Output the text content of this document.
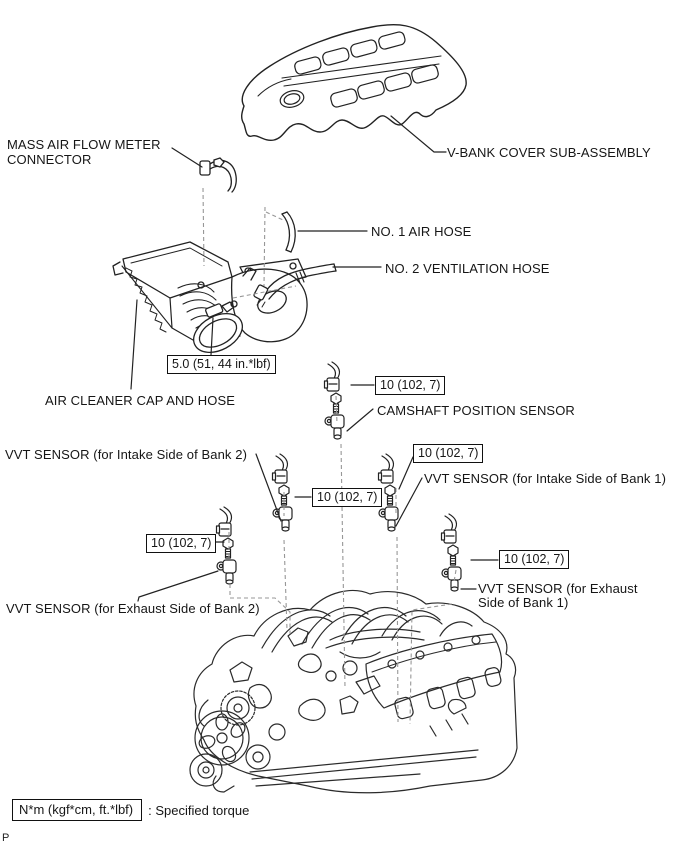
MASS AIR FLOW METER CONNECTOR	V-BANK COVER SUB-ASSEMBLY
NO. 1 AIR HOSE
NO. 2 VENTILATION HOSE
AIR CLEANER CAP AND HOSE
CAMSHAFT POSITION SENSOR
VVT SENSOR (for Intake Side of Bank 2)
VVT SENSOR (for Intake Side of Bank 1)
VVT SENSOR (for Exhaust Side of Bank 2)
VVT SENSOR (for Exhaust Side of Bank 1)
5.0 (51, 44 in.*lbf)
10 (102, 7)
10 (102, 7)
10 (102, 7)
10 (102, 7)
10 (102, 7)
N*m (kgf*cm, ft.*lbf)	: Specified torque
P
